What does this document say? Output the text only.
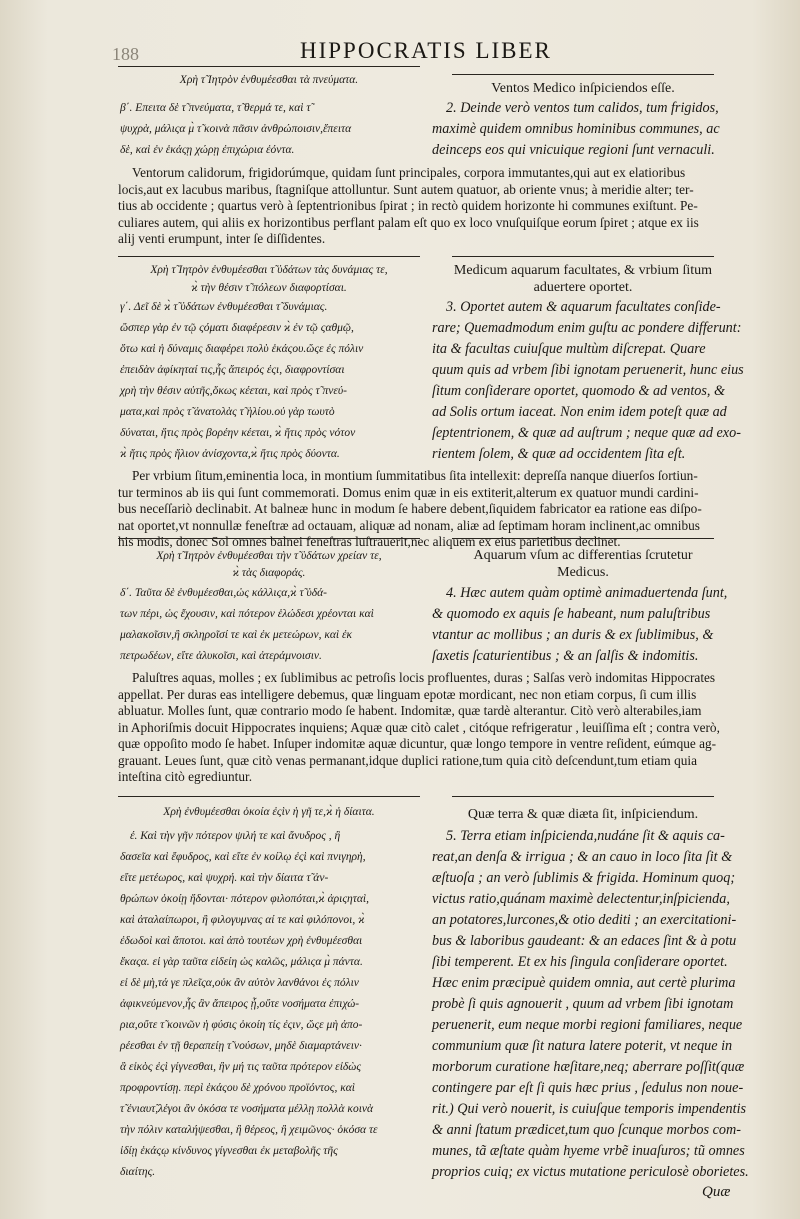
188	HIPPOCRATIS LIBER
Χρὴ τ̃ Ιητρὸν ἐνθυμέεσθαι τὰ πνεύματα.
Ventos Medico inſpiciendos eſſe.
β΄. Επειτα δὲ τ̃ πνεύματα, τ̃ θερμά τε, καὶ τ̃
ψυχρὰ, μάλιςα μ̀ τ̃ κοινὰ πᾶσιν ἀνθρώποισιν,ἔπειτα
δὲ, καὶ ἐν ἑκάςῃ χώρῃ ἐπιχώρια ἐόντα.
2. Deinde verò ventos tum calidos, tum frigidos,
maximè quidem omnibus hominibus communes, ac
deinceps eos qui vnicuique regioni ſunt vernaculi.
Ventorum calidorum, frigidorúmque, quidam ſunt principales, corpora immutantes,qui aut ex elatioribus
locis,aut ex lacubus maribus, ſtagniſque attolluntur. Sunt autem quatuor, ab oriente vnus; à meridie alter; ter-
tius ab occidente ; quartus verò à ſeptentrionibus ſpirat ; in rectò quidem horizonte hi communes exiſtunt. Pe-
culiares autem, qui aliis ex horizontibus perflant palam eſt quo ex loco vnuſquiſque eorum ſpiret ; atque ex iis
alij venti erumpunt, inter ſe diſſidentes.
Χρὴ τ̃ Ιητρὸν ἐνθυμέεσθαι τ̃ ὑδάτων τὰς δυνάμιας τε,
ϰ̀ τὴν θέσιν τ̃ πόλεων διαφορτίσαι.
Medicum aquarum facultates, & vrbium ſitum
aduertere oportet.
γ΄. Δεῖ δὲ ϰ̀ τ̃ ὑδάτων ἐνθυμέεσθαι τ̃ δυνάμιας.
ὥσπερ γὰρ ἐν τῷ ςόματι διαφέρεσιν ϰ̀ ἐν τῷ ςαθμῷ,
ὅτω καὶ ἡ δύναμις διαφέρει πολὺ ἑκάςου.ὥςε ἐς πόλιν
ἐπειδὰν ἀφίκηταί τις,ἧς ἄπειρός ἐςι, διαφροντίσαι
χρὴ τὴν θέσιν αὐτῆς,ὅκως κέεται, καὶ πρὸς τ̃ πνεύ-
ματα,καὶ πρὸς τ̃ ἀνατολὰς τ̃ ἡλίου.οὐ γὰρ τωυτὸ
δύναται, ἥτις πρὸς βορέην κέεται, ϰ̀ ἥτις πρὸς νότον
ϰ̀ ἥτις πρὸς ἥλιον ἀνίσχοντα,ϰ̀ ἥτις πρὸς δύοντα.
3. Oportet autem & aquarum facultates conſide-
rare; Quemadmodum enim guſtu ac pondere differunt:
ita & facultas cuiuſque multùm diſcrepat. Quare
quum quis ad vrbem ſibi ignotam peruenerit, hunc eius
ſitum conſiderare oportet, quomodo & ad ventos, &
ad Solis ortum iaceat. Non enim idem poteſt quæ ad
ſeptentrionem, & quæ ad auſtrum ; neque quæ ad exo-
rientem ſolem, & quæ ad occidentem ſita eſt.
Per vrbium ſitum,eminentia loca, in montium ſummitatibus ſita intellexit: depreſſa nanque diuerſos ſortiun-
tur terminos ab iis qui ſunt commemorati. Domus enim quæ in eis extiterit,alterum ex quatuor mundi cardini-
bus neceſſariò declinabit. At balneæ hunc in modum ſe habere debent,ſiquidem fabricator ea ratione eas diſpo-
nat oportet,vt nonnullæ feneſtræ ad octauam, aliquæ ad nonam, aliæ ad ſeptimam horam inclinent,ac omnibus
his modis, donec Sol omnes balnei feneſtras luſtrauerit,nec aliquem ex eius parietibus declinet.
Χρὴ τ̃ Ιητρὸν ἐνθυμέεσθαι τὴν τ̃ ὑδάτων χρείαν τε,
ϰ̀ τὰς διαφοράς.
Aquarum vſum ac differentias ſcrutetur
Medicus.
δ΄. Ταῦτα δὲ ἐνθυμέεσθαι,ὡς κάλλιςα,ϰ̀ τ̃ ὑδά-
των πέρι, ὡς ἔχουσιν, καὶ πότερον ἑλώδεσι χρέονται καὶ
μαλακοῖσιν,ἢ σκληροῖσί τε καὶ ἐκ μετεώρων, καὶ ἐκ
πετρωδέων, εἴτε ἁλυκοῖσι, καὶ ἀτεράμνοισιν.
4. Hæc autem quàm optimè animaduertenda ſunt,
& quomodo ex aquis ſe habeant, num paluſtribus
vtantur ac mollibus ; an duris & ex ſublimibus, &
ſaxetis ſcaturientibus ; & an ſalſis & indomitis.
Paluſtres aquas, molles ; ex ſublimibus ac petroſis locis profluentes, duras ; Salſas verò indomitas Hippocrates
appellat. Per duras eas intelligere debemus, quæ linguam epotæ mordicant, nec non etiam corpus, ſi cum illis
abluatur. Molles ſunt, quæ contrario modo ſe habent. Indomitæ, quæ tardè alterantur. Citò verò alterabiles,iam
in Aphoriſmis docuit Hippocrates inquiens; Aquæ quæ citò calet , citóque refrigeratur , leuiſſima eſt ; contra verò,
quæ oppoſito modo ſe habet. Inſuper indomitæ aquæ dicuntur, quæ longo tempore in ventre reſident, eúmque ag-
grauant. Leues ſunt, quæ citò venas permanant,idque duplici ratione,tum quia citò deſcendunt,tum etiam quia
inteſtina citò egrediuntur.
Χρὴ ἐνθυμέεσθαι ὁκοία ἐςὶν ἡ γῆ τε,ϰ̀ ἡ δίαιτα.	Quæ terra & quæ diæta ſit, inſpiciendum.
έ. Καὶ τὴν γῆν πότερον ψιλή τε καὶ ἄνυδρος , ἢ
δασεῖα καὶ ἔφυδρος, καὶ εἴτε ἐν κοίλῳ ἐςὶ καὶ πνιγηρὴ,
εἴτε μετέωρος, καὶ ψυχρή. καὶ τὴν δίαιτα τ̃ ἀν-
θρώπων ὁκοίῃ ἥδονται· πότερον φιλοπόται,ϰ̀ ἀριςηταὶ,
καὶ ἀταλαίπωροι, ἢ φιλογυμνας αί τε καὶ φιλόπονοι, ϰ̀
ἐδωδοὶ καὶ ἄποτοι. καὶ ἀπὸ τουτέων χρὴ ἐνθυμέεσθαι
ἕκαςα. εἰ γὰρ ταῦτα εἰδείη ὡς καλῶς, μάλιςα μ̀ πάντα.
εἰ δὲ μὴ,τά γε πλεῖςα,οὐκ ἂν αὐτὸν λανθάνοι ἐς πόλιν
ἀφικνεύμενον,ἧς ἂν ἄπειρος ᾖ,οὔτε νοσήματα ἐπιχώ-
ρια,οὔτε τ̃ κοινῶν ἡ φύσις ὁκοίη τίς ἐςιν, ὥςε μὴ ἀπο-
ρέεσθαι ἐν τῇ θεραπείῃ τ̃ νούσων, μηδὲ διαμαρτάνειν·
ἃ εἰκὸς ἐςὶ γίγνεσθαι, ἢν μή τις ταῦτα πρότερον εἰδὼς
προφροντίσῃ. περὶ ἑκάςου δὲ χρόνου προϊόντος, καὶ
τ̃ ἐνιαυτ̃,λέγοι ἂν ὁκόσα τε νοσήματα μέλλῃ πολλὰ κοινὰ
τὴν πόλιν καταλήψεσθαι, ἢ θέρεος, ἢ χειμῶνος· ὁκόσα τε
ἰδίῃ ἑκάςῳ κίνδυνος γίγνεσθαι ἐκ μεταβολῆς τῆς
διαίτης.
5. Terra etiam inſpicienda,nudáne ſit & aquis ca-
reat,an denſa & irrigua ; & an cauo in loco ſita ſit &
æſtuoſa ; an verò ſublimis & frigida. Hominum quoq;
victus ratio,quánam maximè delectentur,inſpicienda,
an potatores,lurcones,& otio dediti ; an exercitationi-
bus & laboribus gaudeant: & an edaces ſint & à potu
ſibi temperent. Et ex his ſingula conſiderare oportet.
Hæc enim præcipuè quidem omnia, aut certè plurima
probè ſi quis agnouerit , quum ad vrbem ſibi ignotam
peruenerit, eum neque morbi regioni familiares, neque
communium quæ ſit natura latere poterit, vt neque in
morborum curatione hæſitare,neq; aberrare poſſit(quæ
contingere par eſt ſi quis hæc prius , ſedulus non noue-
rit.) Qui verò nouerit, is cuiuſque temporis impendentis
& anni ſtatum prædicet,tum quo ſcunque morbos com-
munes, tã æſtate quàm hyeme vrbẽ inuaſuros; tũ omnes
proprios cuiq; ex victus mutatione periculosè oborietes.
Quæ
